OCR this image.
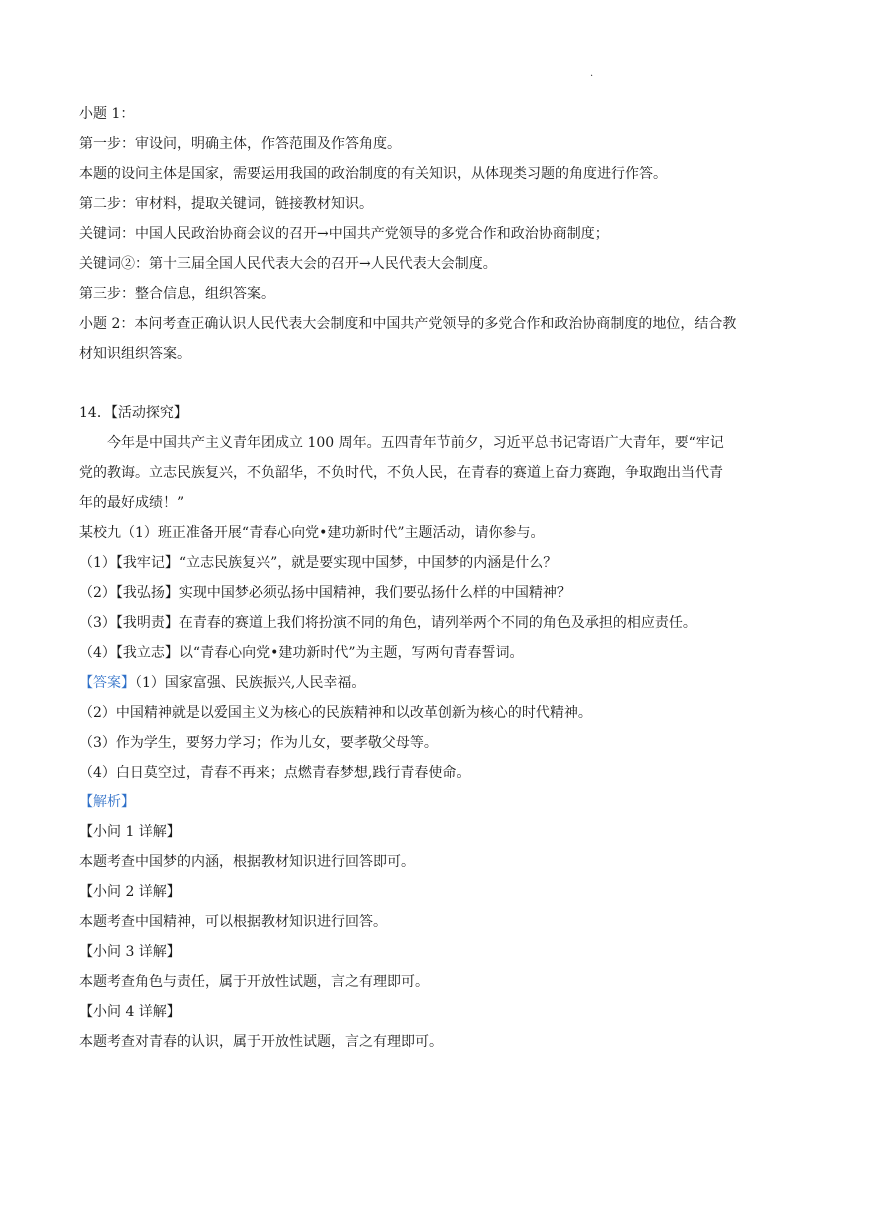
.
小题 1：
第一步：审设问，明确主体，作答范围及作答角度。
本题的设问主体是国家，需要运用我国的政治制度的有关知识，从体现类习题的角度进行作答。
第二步：审材料，提取关键词，链接教材知识。
关键词：中国人民政治协商会议的召开→中国共产党领导的多党合作和政治协商制度；
关键词②：第十三届全国人民代表大会的召开→人民代表大会制度。
第三步：整合信息，组织答案。
小题 2：本问考查正确认识人民代表大会制度和中国共产党领导的多党合作和政治协商制度的地位，结合教
材知识组织答案。
14．【活动探究】
今年是中国共产主义青年团成立 100 周年。五四青年节前夕，习近平总书记寄语广大青年，要“牢记
党的教诲。立志民族复兴，不负韶华，不负时代，不负人民，在青春的赛道上奋力赛跑，争取跑出当代青
年的最好成绩！”
某校九（1）班正准备开展“青春心向党•建功新时代”主题活动，请你参与。
（1）【我牢记】“立志民族复兴”，就是要实现中国梦，中国梦的内涵是什么？
（2）【我弘扬】实现中国梦必须弘扬中国精神，我们要弘扬什么样的中国精神？
（3）【我明责】在青春的赛道上我们将扮演不同的角色，请列举两个不同的角色及承担的相应责任。
（4）【我立志】以“青春心向党•建功新时代”为主题，写两句青春誓词。
【答案】（1）国家富强、民族振兴,人民幸福。
（2）中国精神就是以爱国主义为核心的民族精神和以改革创新为核心的时代精神。
（3）作为学生，要努力学习；作为儿女，要孝敬父母等。
（4）白日莫空过，青春不再来；点燃青春梦想,践行青春使命。
【解析】
【小问 1 详解】
本题考查中国梦的内涵，根据教材知识进行回答即可。
【小问 2 详解】
本题考查中国精神，可以根据教材知识进行回答。
【小问 3 详解】
本题考查角色与责任，属于开放性试题，言之有理即可。
【小问 4 详解】
本题考查对青春的认识，属于开放性试题，言之有理即可。
